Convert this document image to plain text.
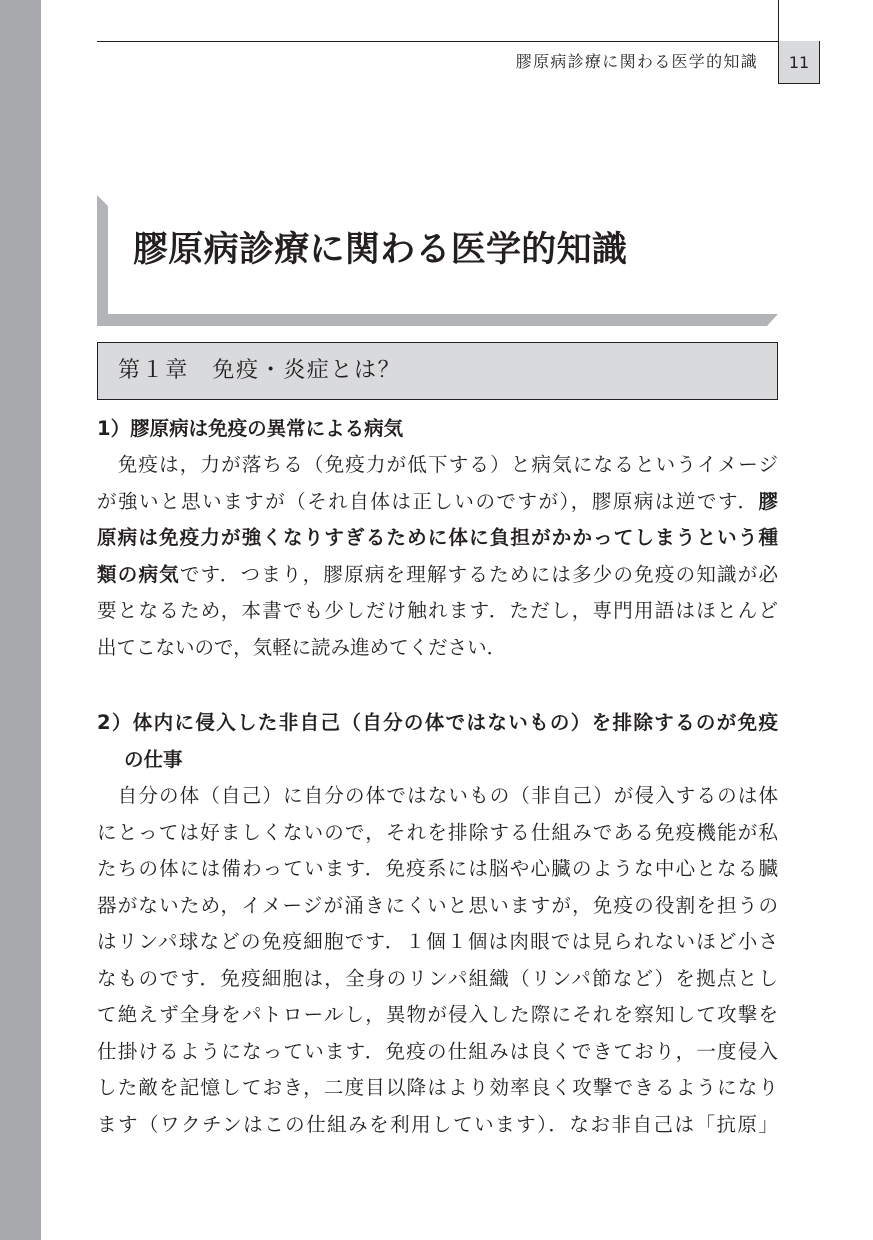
膠原病診療に関わる医学的知識 11
膠原病診療に関わる医学的知識
第１章　免疫・炎症とは？
1）膠原病は免疫の異常による病気
　免疫は，力が落ちる（免疫力が低下する）と病気になるというイメージ
が強いと思いますが（それ自体は正しいのですが），膠原病は逆です．膠
原病は免疫力が強くなりすぎるために体に負担がかかってしまうという種
類の病気です．つまり，膠原病を理解するためには多少の免疫の知識が必
要となるため，本書でも少しだけ触れます．ただし，専門用語はほとんど
出てこないので，気軽に読み進めてください．
2）体内に侵入した非自己（自分の体ではないもの）を排除するのが免疫
の仕事
　自分の体（自己）に自分の体ではないもの（非自己）が侵入するのは体
にとっては好ましくないので，それを排除する仕組みである免疫機能が私
たちの体には備わっています．免疫系には脳や心臓のような中心となる臓
器がないため，イメージが涌きにくいと思いますが，免疫の役割を担うの
はリンパ球などの免疫細胞です．１個１個は肉眼では見られないほど小さ
なものです．免疫細胞は，全身のリンパ組織（リンパ節など）を拠点とし
て絶えず全身をパトロールし，異物が侵入した際にそれを察知して攻撃を
仕掛けるようになっています．免疫の仕組みは良くできており，一度侵入
した敵を記憶しておき，二度目以降はより効率良く攻撃できるようになり
ます（ワクチンはこの仕組みを利用しています）．なお非自己は「抗原」
